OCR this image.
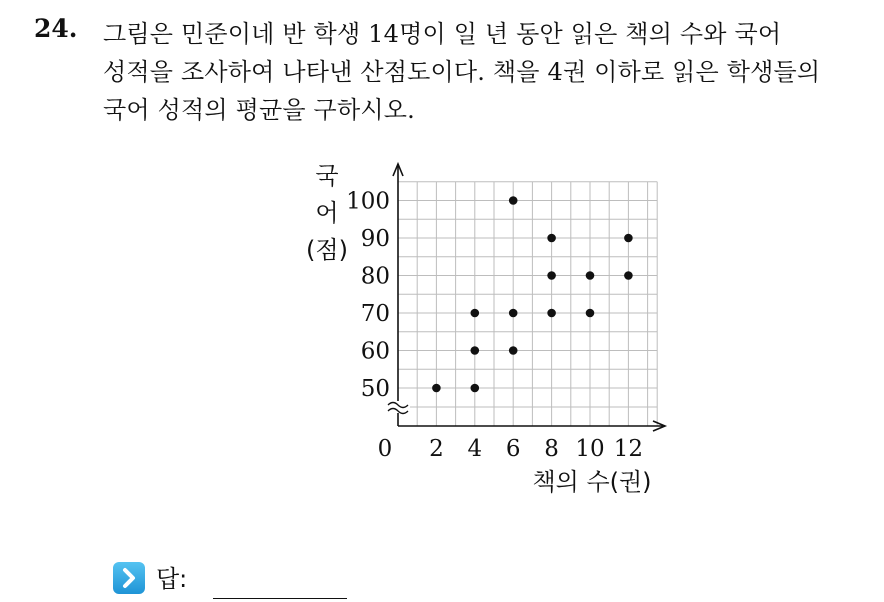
24. 그림은 민준이네 반 학생 14명이 일 년 동안 읽은 책의 수와 국어
성적을 조사하여 나타낸 산점도이다. 책을 4권 이하로 읽은 학생들의
국어 성적의 평균을 구하시오.
50
60
70
80
90
100
2 4 6 8 10 12
0
책의 수(권)
국
어
(점)
답:
